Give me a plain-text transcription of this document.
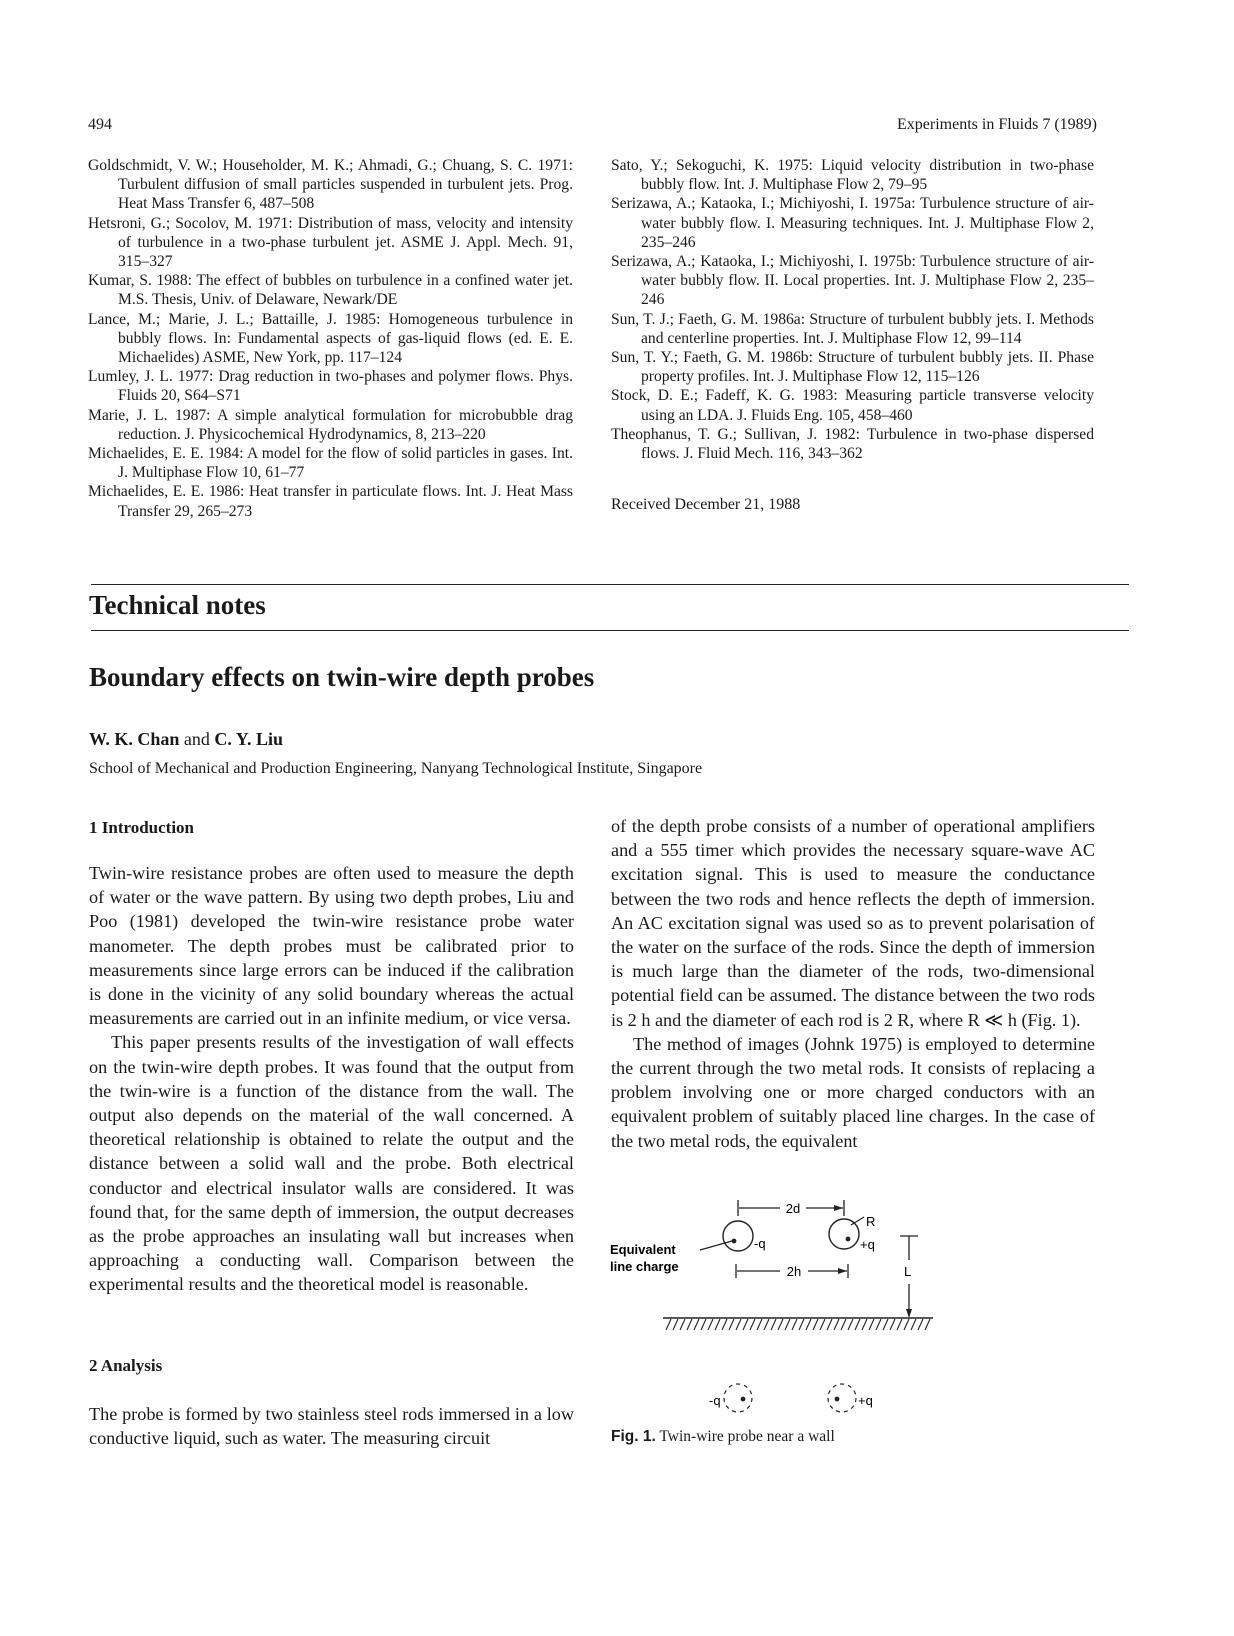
494	Experiments in Fluids 7 (1989)

Goldschmidt, V. W.; Householder, M. K.; Ahmadi, G.; Chuang, S. C. 1971: Turbulent diffusion of small particles suspended in turbulent jets. Prog. Heat Mass Transfer 6, 487–508

Hetsroni, G.; Socolov, M. 1971: Distribution of mass, velocity and intensity of turbulence in a two-phase turbulent jet. ASME J. Appl. Mech. 91, 315–327

Kumar, S. 1988: The effect of bubbles on turbulence in a confined water jet. M.S. Thesis, Univ. of Delaware, Newark/DE

Lance, M.; Marie, J. L.; Battaille, J. 1985: Homogeneous turbulence in bubbly flows. In: Fundamental aspects of gas-liquid flows (ed. E. E. Michaelides) ASME, New York, pp. 117–124

Lumley, J. L. 1977: Drag reduction in two-phases and polymer flows. Phys. Fluids 20, S64–S71

Marie, J. L. 1987: A simple analytical formulation for microbubble drag reduction. J. Physicochemical Hydrodynamics, 8, 213–220

Michaelides, E. E. 1984: A model for the flow of solid particles in gases. Int. J. Multiphase Flow 10, 61–77

Michaelides, E. E. 1986: Heat transfer in particulate flows. Int. J. Heat Mass Transfer 29, 265–273

Sato, Y.; Sekoguchi, K. 1975: Liquid velocity distribution in two-phase bubbly flow. Int. J. Multiphase Flow 2, 79–95

Serizawa, A.; Kataoka, I.; Michiyoshi, I. 1975a: Turbulence structure of air-water bubbly flow. I. Measuring techniques. Int. J. Multiphase Flow 2, 235–246

Serizawa, A.; Kataoka, I.; Michiyoshi, I. 1975b: Turbulence structure of air-water bubbly flow. II. Local properties. Int. J. Multiphase Flow 2, 235–246

Sun, T. J.; Faeth, G. M. 1986a: Structure of turbulent bubbly jets. I. Methods and centerline properties. Int. J. Multiphase Flow 12, 99–114

Sun, T. Y.; Faeth, G. M. 1986b: Structure of turbulent bubbly jets. II. Phase property profiles. Int. J. Multiphase Flow 12, 115–126

Stock, D. E.; Fadeff, K. G. 1983: Measuring particle transverse velocity using an LDA. J. Fluids Eng. 105, 458–460

Theophanus, T. G.; Sullivan, J. 1982: Turbulence in two-phase dispersed flows. J. Fluid Mech. 116, 343–362

Received December 21, 1988
Technical notes
Boundary effects on twin-wire depth probes
W. K. Chan and C. Y. Liu
School of Mechanical and Production Engineering, Nanyang Technological Institute, Singapore
1 Introduction

Twin-wire resistance probes are often used to measure the depth of water or the wave pattern. By using two depth probes, Liu and Poo (1981) developed the twin-wire resistance probe water manometer. The depth probes must be calibrated prior to measurements since large errors can be induced if the calibration is done in the vicinity of any solid boundary whereas the actual measurements are carried out in an infinite medium, or vice versa.

This paper presents results of the investigation of wall effects on the twin-wire depth probes. It was found that the output from the twin-wire is a function of the distance from the wall. The output also depends on the material of the wall concerned. A theoretical relationship is obtained to relate the output and the distance between a solid wall and the probe. Both electrical conductor and electrical insulator walls are considered. It was found that, for the same depth of immersion, the output decreases as the probe approaches an insulating wall but increases when approaching a conducting wall. Comparison between the experimental results and the theoretical model is reasonable.

2 Analysis

The probe is formed by two stainless steel rods immersed in a low conductive liquid, such as water. The measuring circuit

of the depth probe consists of a number of operational amplifiers and a 555 timer which provides the necessary square-wave AC excitation signal. This is used to measure the conductance between the two rods and hence reflects the depth of immersion. An AC excitation signal was used so as to prevent polarisation of the water on the surface of the rods. Since the depth of immersion is much large than the diameter of the rods, two-dimensional potential field can be assumed. The distance between the two rods is 2 h and the diameter of each rod is 2 R, where R ≪ h (Fig. 1).

The method of images (Johnk 1975) is employed to determine the current through the two metal rods. It consists of replacing a problem involving one or more charged conductors with an equivalent problem of suitably placed line charges. In the case of the two metal rods, the equivalent

2d
-q	+q
R
Equivalent
line charge	2h	L
-q	+q
Fig. 1. Twin-wire probe near a wall
